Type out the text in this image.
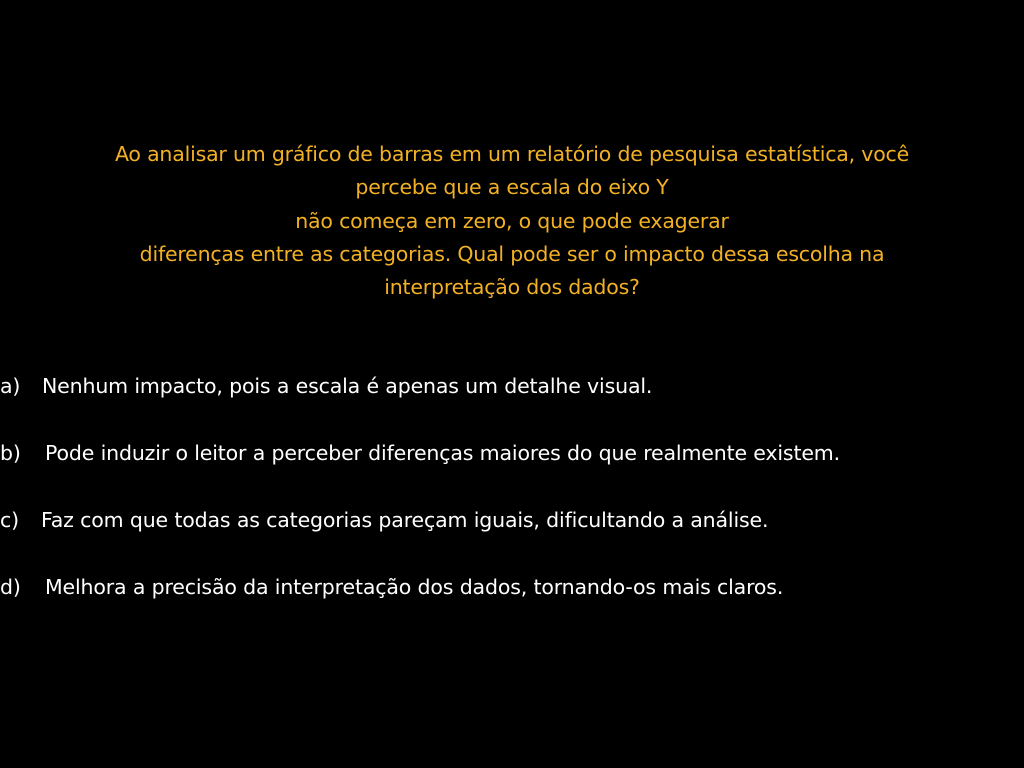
Ao analisar um gráfico de barras em um relatório de pesquisa estatística, você
percebe que a escala do eixo Y
não começa em zero, o que pode exagerar
diferenças entre as categorias. Qual pode ser o impacto dessa escolha na
interpretação dos dados?
a) Nenhum impacto, pois a escala é apenas um detalhe visual.
b) Pode induzir o leitor a perceber diferenças maiores do que realmente existem.
c) Faz com que todas as categorias pareçam iguais, dificultando a análise.
d) Melhora a precisão da interpretação dos dados, tornando-os mais claros.
